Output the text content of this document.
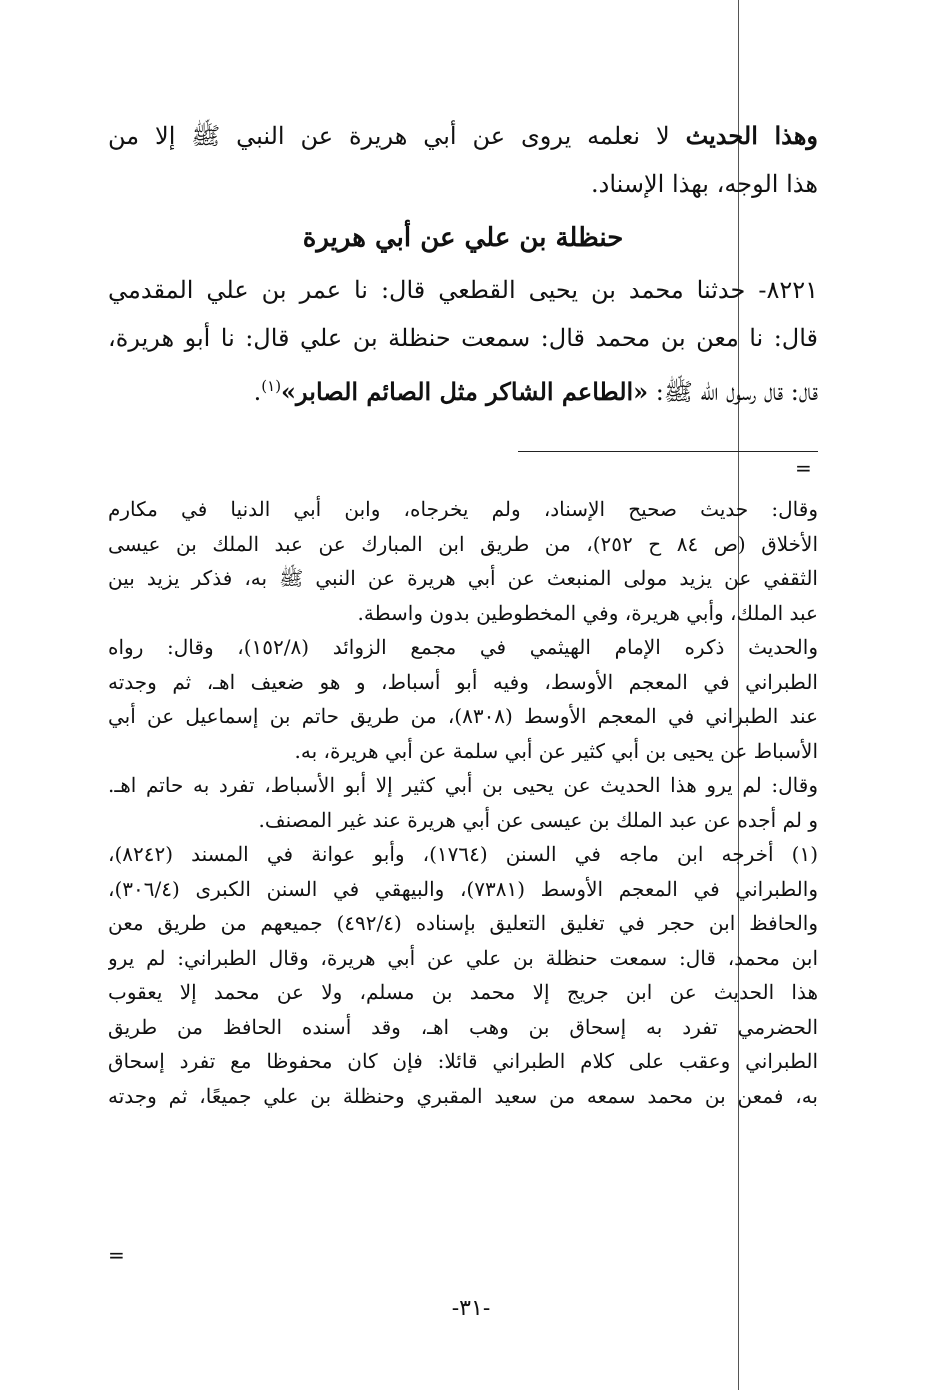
وهذا الحديث لا نعلمه يروى عن أبي هريرة عن النبي ﷺ إلا من
هذا الوجه، بهذا الإسناد.
حنظلة بن علي عن أبي هريرة
٨٢٢١- حدثنا محمد بن يحيى القطعي قال: نا عمر بن علي المقدمي
قال: نا معن بن محمد قال: سمعت حنظلة بن علي قال: نا أبو هريرة،
قال: قال رسول الله ﷺ: «الطاعم الشاكر مثل الصائم الصابر»$^{(١)}$.
=
وقال: حديث صحيح الإسناد، ولم يخرجاه، وابن أبي الدنيا في مكارم
الأخلاق (ص ٨٤ ح ٢٥٢)، من طريق ابن المبارك عن عبد الملك بن عيسى
الثقفي عن يزيد مولى المنبعث عن أبي هريرة عن النبي ﷺ به، فذكر يزيد بين
عبد الملك، وأبي هريرة، وفي المخطوطين بدون واسطة.
والحديث ذكره الإمام الهيثمي في مجمع الزوائد (١٥٢/٨)، وقال: رواه
الطبراني في المعجم الأوسط، وفيه أبو أسباط، و هو ضعيف اهـ، ثم وجدته
عند الطبراني في المعجم الأوسط (٨٣٠٨)، من طريق حاتم بن إسماعيل عن أبي
الأسباط عن يحيى بن أبي كثير عن أبي سلمة عن أبي هريرة، به.
وقال: لم يرو هذا الحديث عن يحيى بن أبي كثير إلا أبو الأسباط، تفرد به حاتم اهـ.
و لم أجده عن عبد الملك بن عيسى عن أبي هريرة عند غير المصنف.
(١) أخرجه ابن ماجه في السنن (١٧٦٤)، وأبو عوانة في المسند (٨٢٤٢)،
والطبراني في المعجم الأوسط (٧٣٨١)، والبيهقي في السنن الكبرى (٣٠٦/٤)،
والحافظ ابن حجر في تغليق التعليق بإسناده (٤٩٢/٤) جميعهم من طريق معن
ابن محمد، قال: سمعت حنظلة بن علي عن أبي هريرة، وقال الطبراني: لم يرو
هذا الحديث عن ابن جريج إلا محمد بن مسلم، ولا عن محمد إلا يعقوب
الحضرمي تفرد به إسحاق بن وهب اهـ، وقد أسنده الحافظ من طريق
الطبراني وعقب على كلام الطبراني قائلا: فإن كان محفوظا مع تفرد إسحاق
به، فمعن بن محمد سمعه من سعيد المقبري وحنظلة بن علي جميعًا، ثم وجدته
=
-٣١-
